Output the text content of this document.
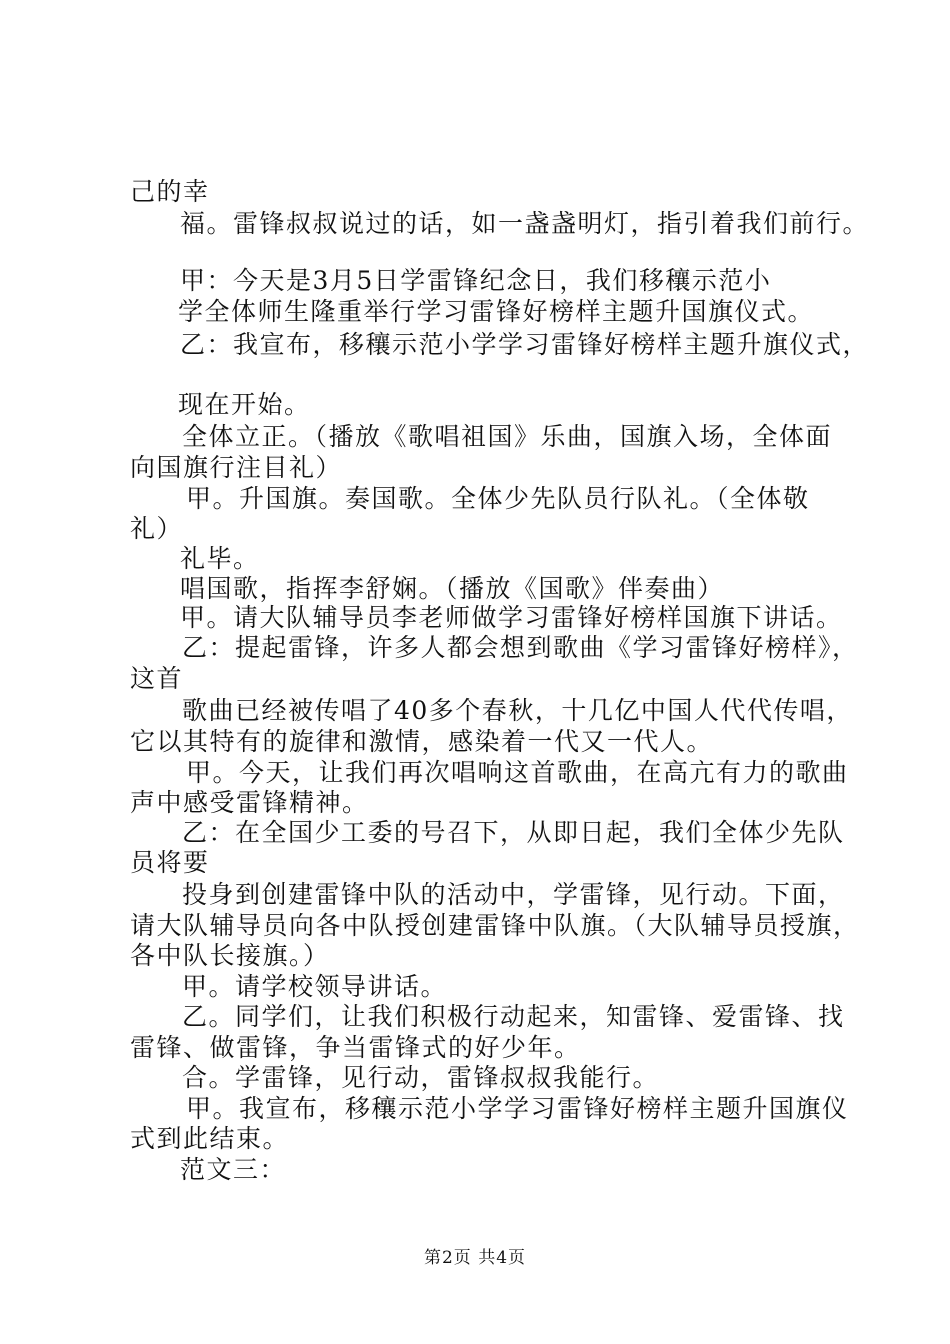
己的幸
福。雷锋叔叔说过的话，如一盏盏明灯，指引着我们前行。
甲：今天是3月5日学雷锋纪念日，我们移穰示范小
学全体师生隆重举行学习雷锋好榜样主题升国旗仪式。
乙：我宣布，移穰示范小学学习雷锋好榜样主题升旗仪式，
现在开始。
全体立正。（播放《歌唱祖国》乐曲，国旗入场，全体面
向国旗行注目礼）
甲。升国旗。奏国歌。全体少先队员行队礼。（全体敬
礼）
礼毕。
唱国歌，指挥李舒娴。（播放《国歌》伴奏曲）
甲。请大队辅导员李老师做学习雷锋好榜样国旗下讲话。
乙：提起雷锋，许多人都会想到歌曲《学习雷锋好榜样》，
这首
歌曲已经被传唱了40多个春秋，十几亿中国人代代传唱，
它以其特有的旋律和激情，感染着一代又一代人。
甲。今天，让我们再次唱响这首歌曲，在高亢有力的歌曲
声中感受雷锋精神。
乙：在全国少工委的号召下，从即日起，我们全体少先队
员将要
投身到创建雷锋中队的活动中，学雷锋，见行动。下面，
请大队辅导员向各中队授创建雷锋中队旗。（大队辅导员授旗，
各中队长接旗。）
甲。请学校领导讲话。
乙。同学们，让我们积极行动起来，知雷锋、爱雷锋、找
雷锋、做雷锋，争当雷锋式的好少年。
合。学雷锋，见行动，雷锋叔叔我能行。
甲。我宣布，移穰示范小学学习雷锋好榜样主题升国旗仪
式到此结束。
范文三：
第2页 共4页
